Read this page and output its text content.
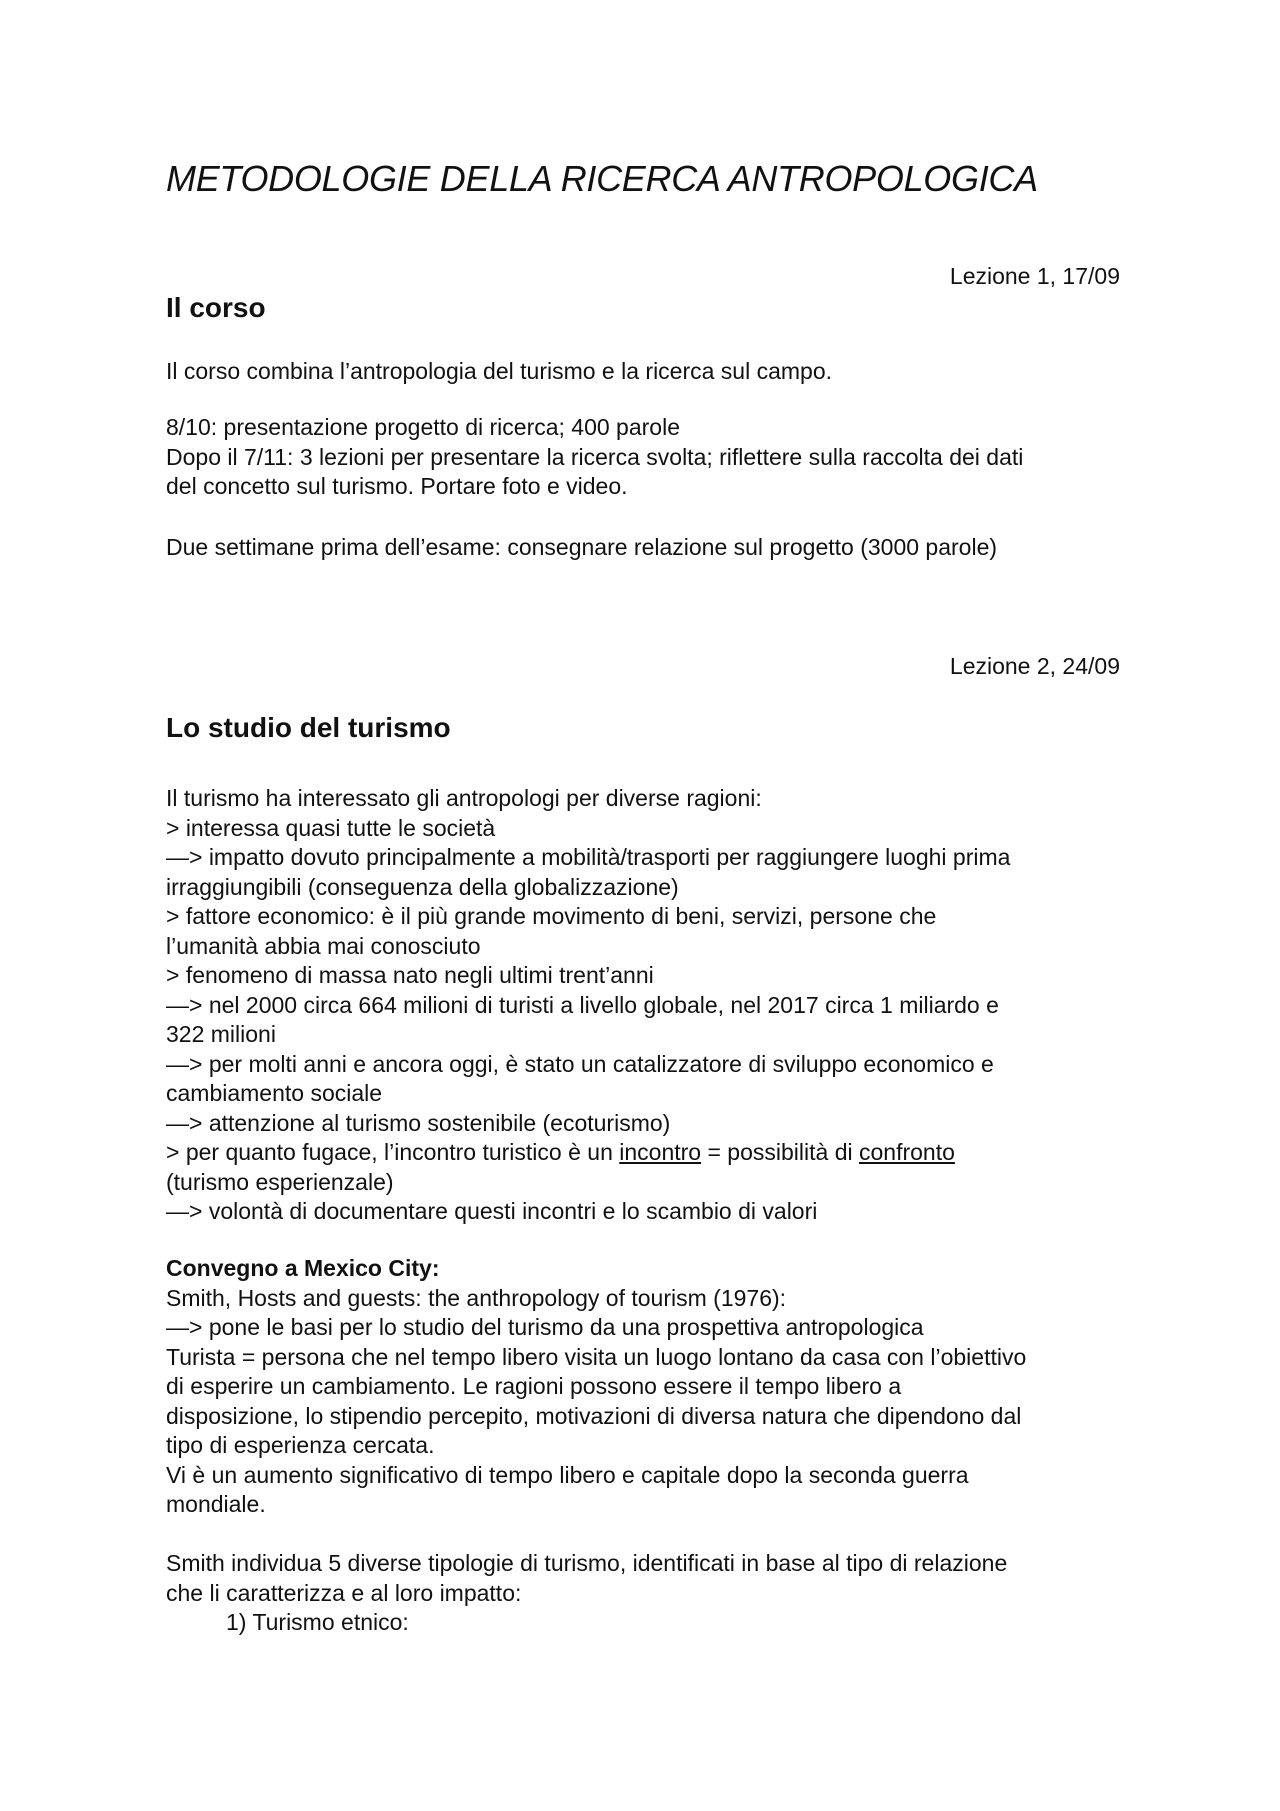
METODOLOGIE DELLA RICERCA ANTROPOLOGICA
Lezione 1, 17/09
Il corso
Il corso combina l’antropologia del turismo e la ricerca sul campo.
8/10: presentazione progetto di ricerca; 400 parole
Dopo il 7/11: 3 lezioni per presentare la ricerca svolta; riflettere sulla raccolta dei dati
del concetto sul turismo. Portare foto e video.
Due settimane prima dell’esame: consegnare relazione sul progetto (3000 parole)
Lezione 2, 24/09
Lo studio del turismo
Il turismo ha interessato gli antropologi per diverse ragioni:
> interessa quasi tutte le società
—> impatto dovuto principalmente a mobilità/trasporti per raggiungere luoghi prima
irraggiungibili (conseguenza della globalizzazione)
> fattore economico: è il più grande movimento di beni, servizi, persone che
l’umanità abbia mai conosciuto
> fenomeno di massa nato negli ultimi trent’anni
—> nel 2000 circa 664 milioni di turisti a livello globale, nel 2017 circa 1 miliardo e
322 milioni
—> per molti anni e ancora oggi, è stato un catalizzatore di sviluppo economico e
cambiamento sociale
—> attenzione al turismo sostenibile (ecoturismo)
> per quanto fugace, l’incontro turistico è un incontro = possibilità di confronto
(turismo esperienzale)
—> volontà di documentare questi incontri e lo scambio di valori
Convegno a Mexico City:
Smith, Hosts and guests: the anthropology of tourism (1976):
—> pone le basi per lo studio del turismo da una prospettiva antropologica
Turista = persona che nel tempo libero visita un luogo lontano da casa con l’obiettivo
di esperire un cambiamento. Le ragioni possono essere il tempo libero a
disposizione, lo stipendio percepito, motivazioni di diversa natura che dipendono dal
tipo di esperienza cercata.
Vi è un aumento significativo di tempo libero e capitale dopo la seconda guerra
mondiale.
Smith individua 5 diverse tipologie di turismo, identificati in base al tipo di relazione
che li caratterizza e al loro impatto:
1) Turismo etnico:
